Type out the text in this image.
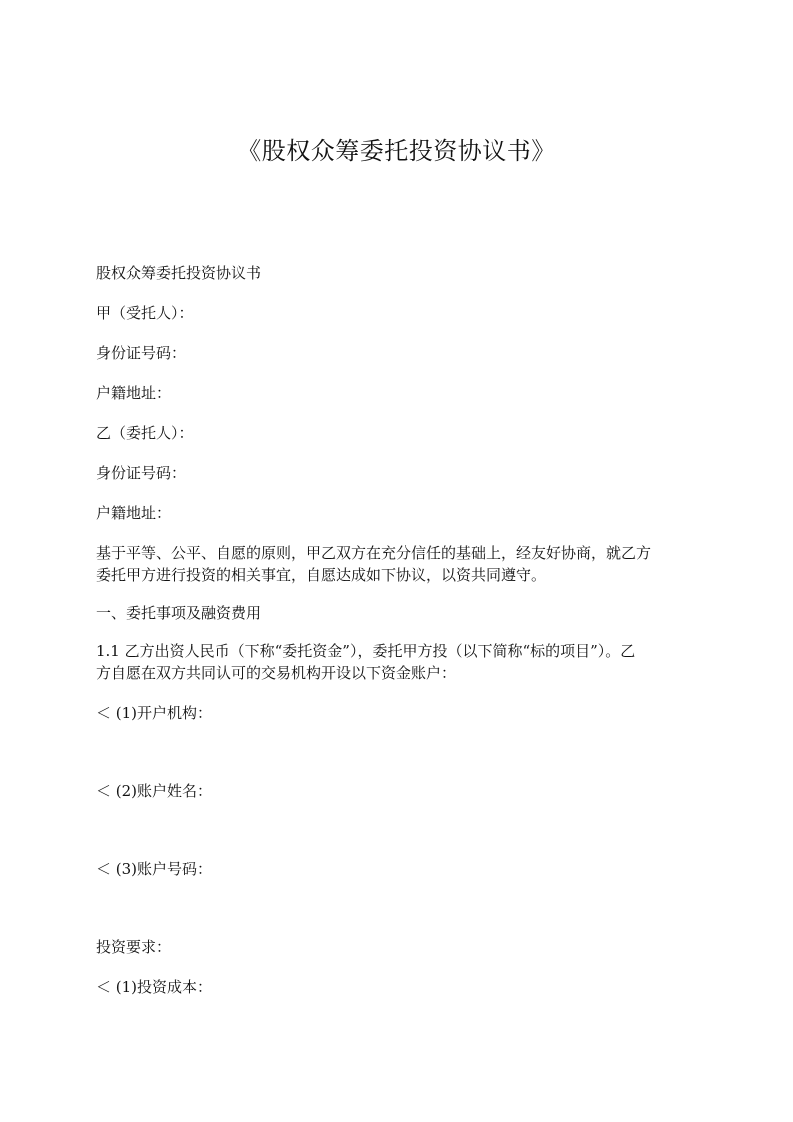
《股权众筹委托投资协议书》
股权众筹委托投资协议书
甲（受托人）：
身份证号码：
户籍地址：
乙（委托人）：
身份证号码：
户籍地址：
基于平等、公平、自愿的原则，甲乙双方在充分信任的基础上，经友好协商，就乙方
委托甲方进行投资的相关事宜，自愿达成如下协议，以资共同遵守。
一、委托事项及融资费用
1.1 乙方出资人民币（下称“委托资金”），委托甲方投（以下简称“标的项目”）。乙
方自愿在双方共同认可的交易机构开设以下资金账户：
＜ (1)开户机构：
＜ (2)账户姓名：
＜ (3)账户号码：
投资要求：
＜ (1)投资成本：
